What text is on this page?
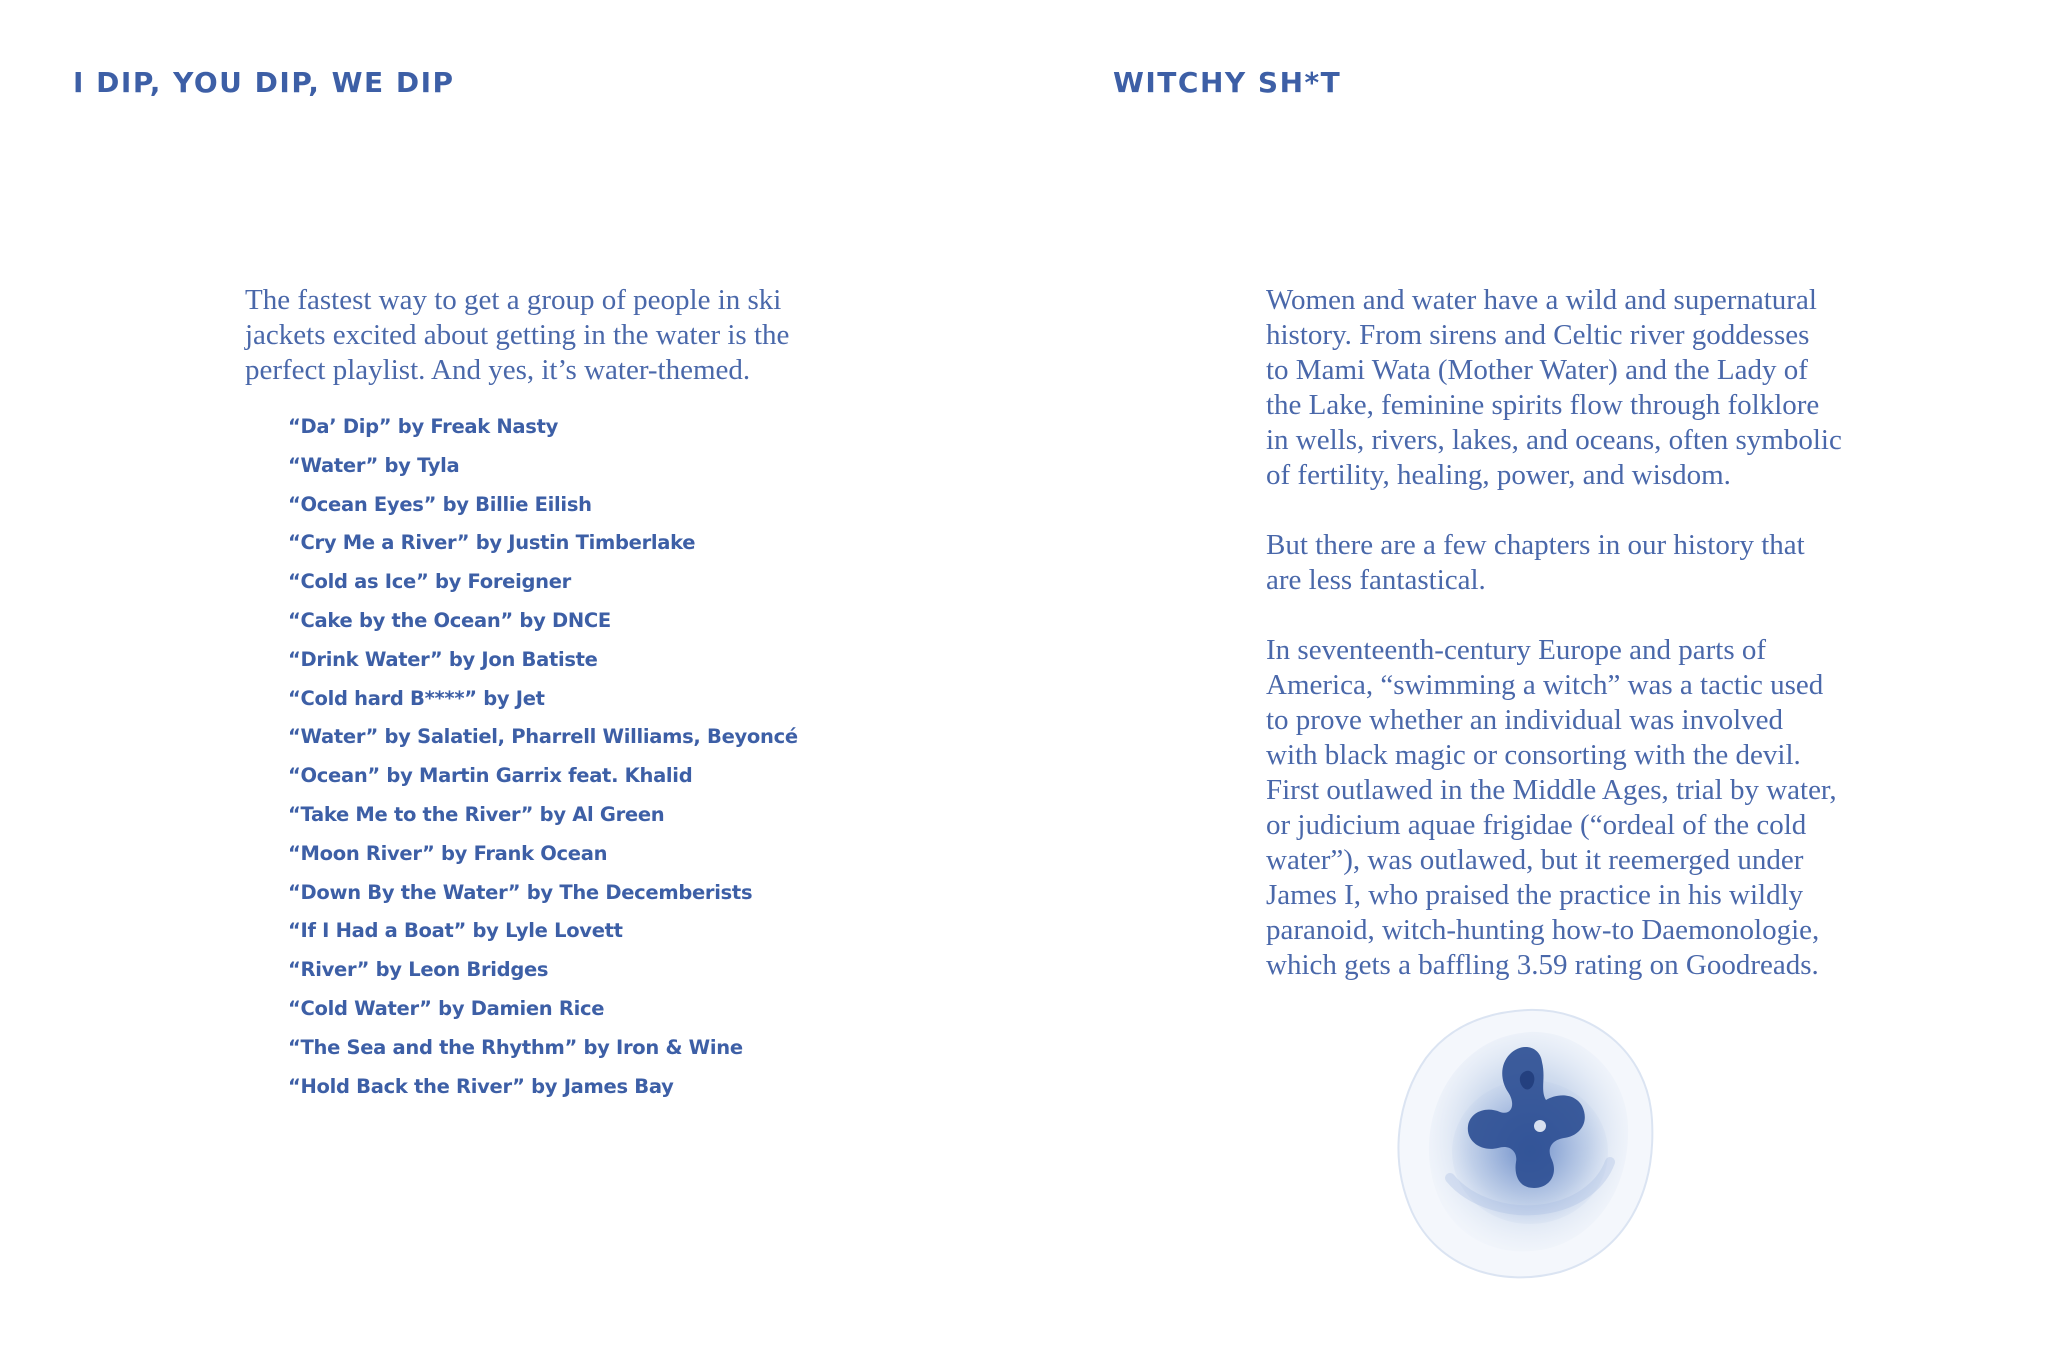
I DIP, YOU DIP, WE DIP

The fastest way to get a group of people in ski
jackets excited about getting in the water is the
perfect playlist. And yes, it’s water-themed.

“Da’ Dip” by Freak Nasty
“Water” by Tyla
“Ocean Eyes” by Billie Eilish
“Cry Me a River” by Justin Timberlake
“Cold as Ice” by Foreigner
“Cake by the Ocean” by DNCE
“Drink Water” by Jon Batiste
“Cold hard B****” by Jet
“Water” by Salatiel, Pharrell Williams, Beyoncé
“Ocean” by Martin Garrix feat. Khalid
“Take Me to the River” by Al Green
“Moon River” by Frank Ocean
“Down By the Water” by The Decemberists
“If I Had a Boat” by Lyle Lovett
“River” by Leon Bridges
“Cold Water” by Damien Rice
“The Sea and the Rhythm” by Iron & Wine
“Hold Back the River” by James Bay
WITCHY SH*T

Women and water have a wild and supernatural
history. From sirens and Celtic river goddesses
to Mami Wata (Mother Water) and the Lady of
the Lake, feminine spirits flow through folklore
in wells, rivers, lakes, and oceans, often symbolic
of fertility, healing, power, and wisdom.

But there are a few chapters in our history that
are less fantastical.

In seventeenth-century Europe and parts of
America, “swimming a witch” was a tactic used
to prove whether an individual was involved
with black magic or consorting with the devil.
First outlawed in the Middle Ages, trial by water,
or judicium aquae frigidae (“ordeal of the cold
water”), was outlawed, but it reemerged under
James I, who praised the practice in his wildly
paranoid, witch-hunting how-to Daemonologie,
which gets a baffling 3.59 rating on Goodreads.
